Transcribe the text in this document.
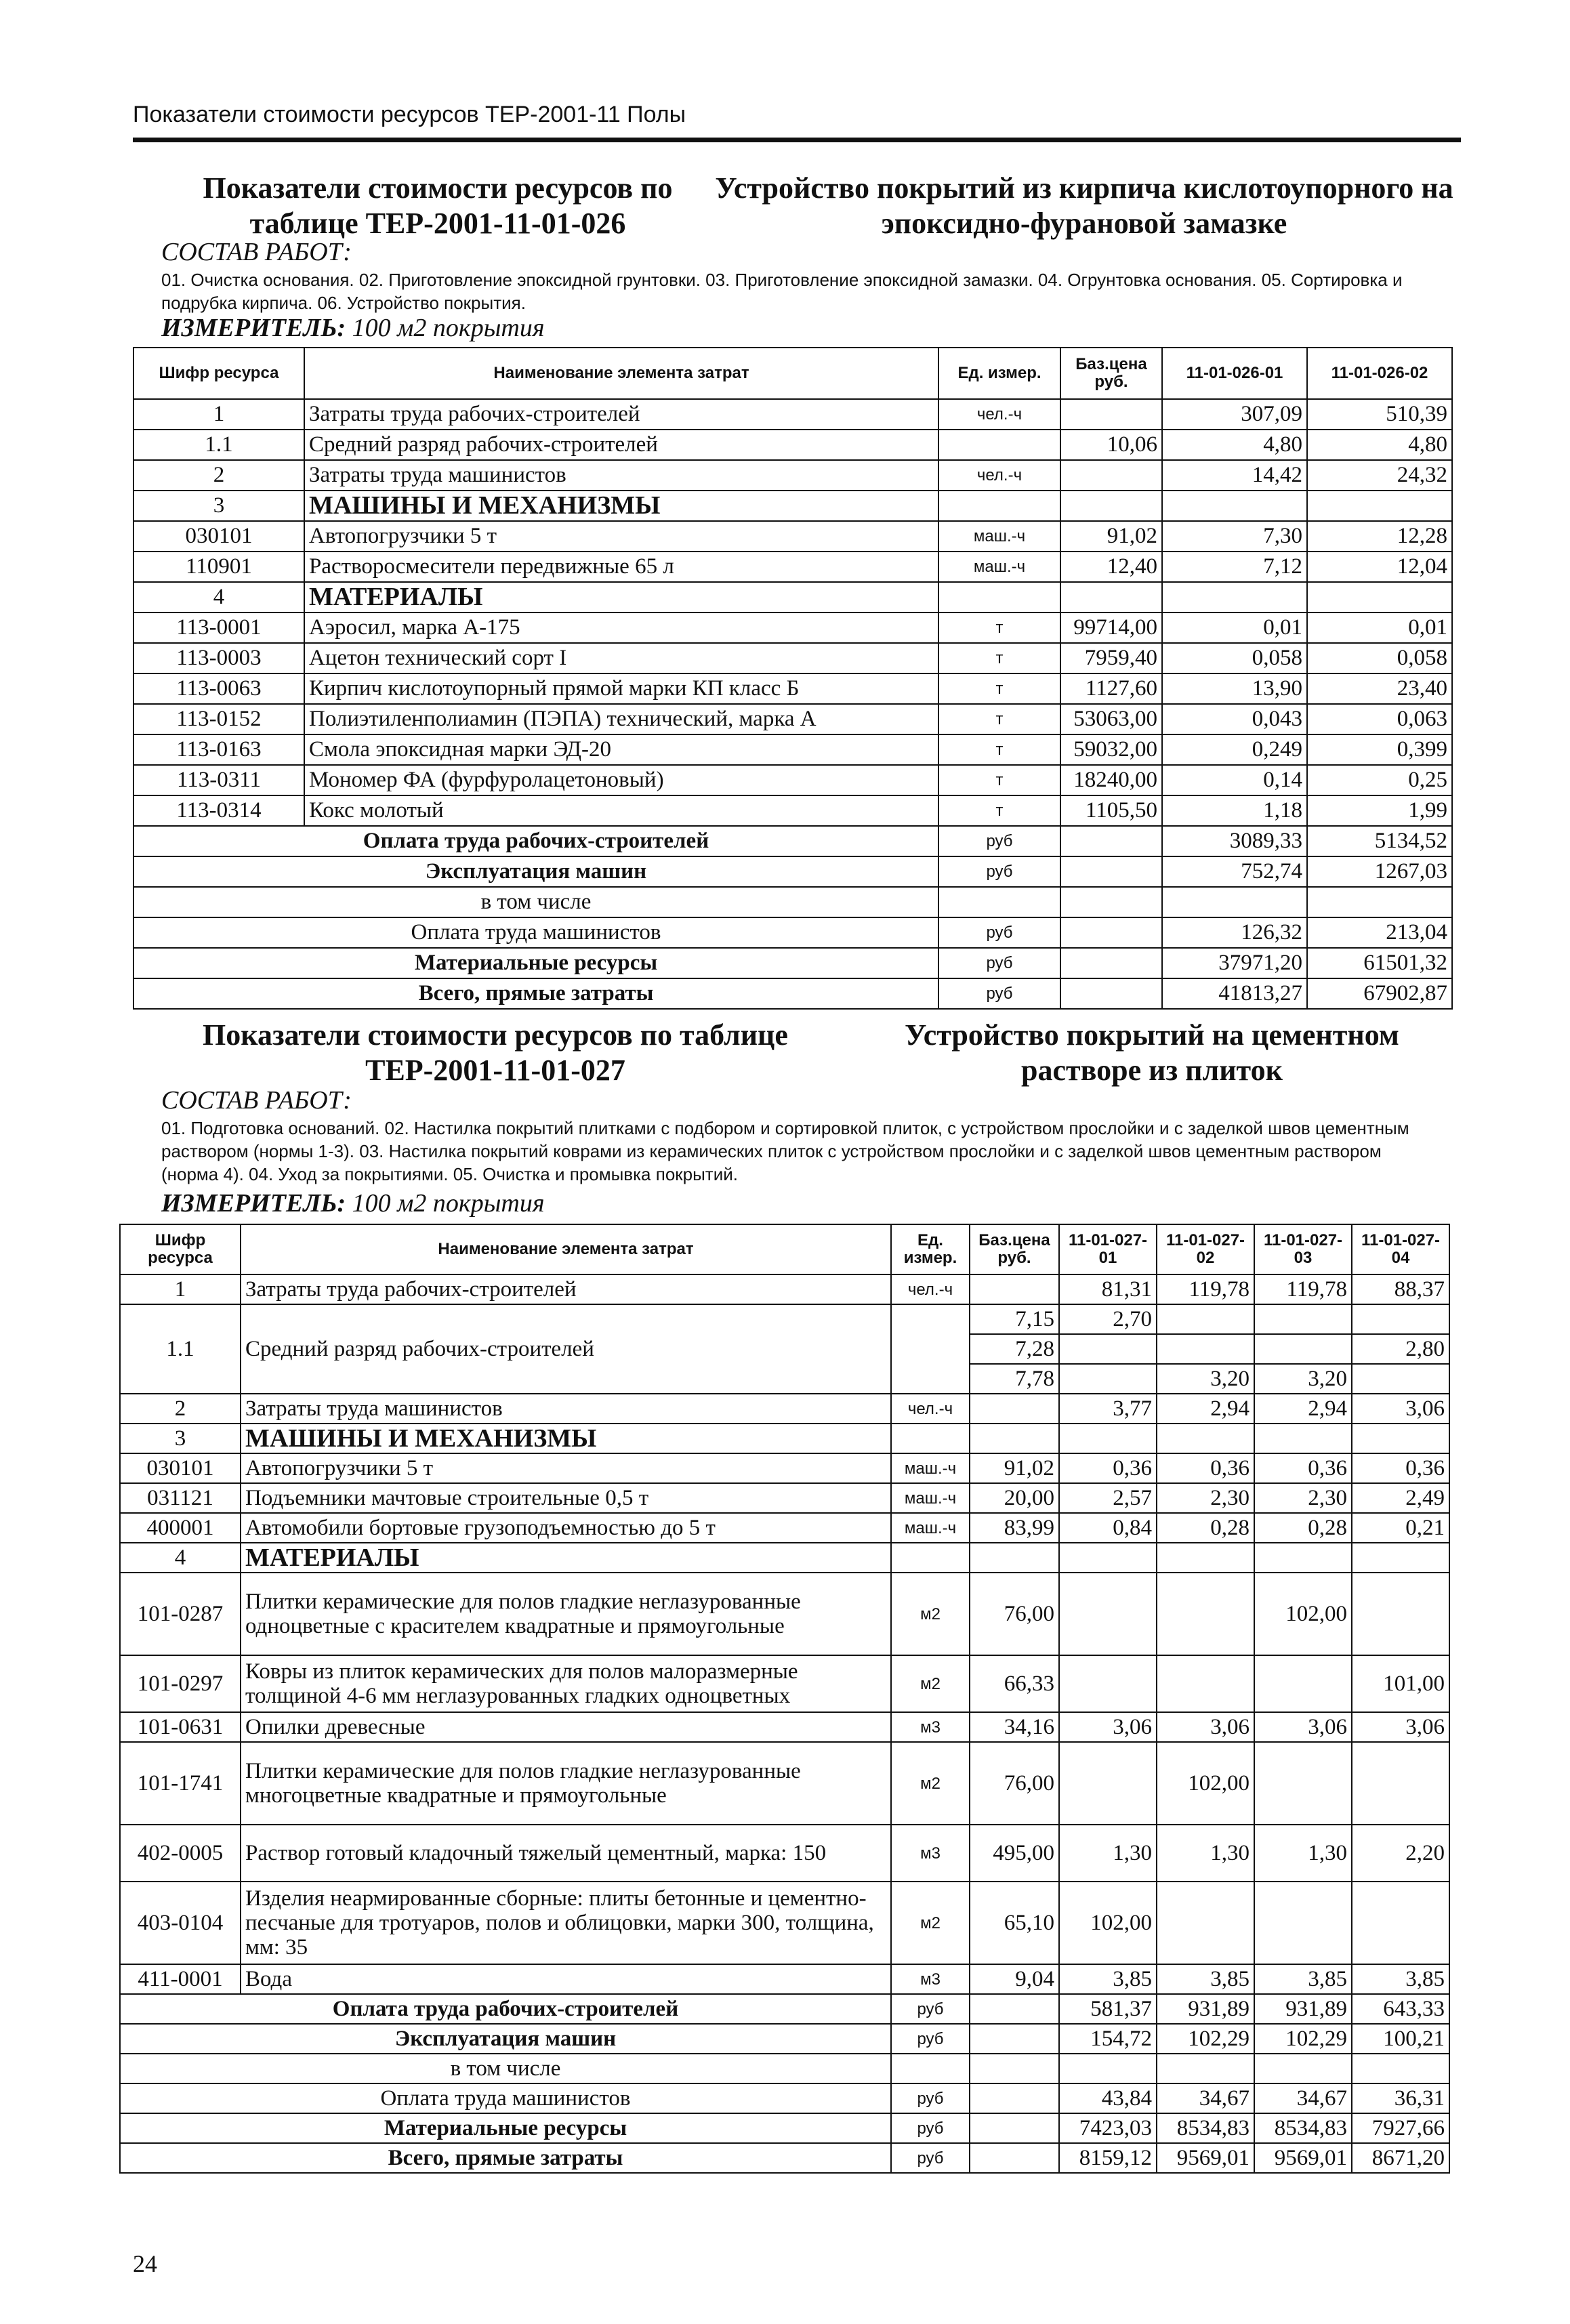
Показатели стоимости ресурсов ТЕР-2001-11 Полы
Показатели стоимости ресурсов по таблице ТЕР-2001-11-01-026
Устройство покрытий из кирпича кислотоупорного на эпоксидно-фурановой замазке
СОСТАВ РАБОТ:
01. Очистка основания. 02. Приготовление эпоксидной грунтовки. 03. Приготовление эпоксидной замазки. 04. Огрунтовка основания. 05. Сортировка и подрубка кирпича. 06. Устройство покрытия.
ИЗМЕРИТЕЛЬ: 100 м2 покрытия
Шифр ресурса	Наименование элемента затрат	Ед. измер.	Баз.цена руб.	11-01-026-01	11-01-026-02
1	Затраты труда рабочих-строителей	чел.-ч		307,09	510,39
1.1	Средний разряд рабочих-строителей		10,06	4,80	4,80
2	Затраты труда машинистов	чел.-ч		14,42	24,32
3	МАШИНЫ И МЕХАНИЗМЫ				
030101	Автопогрузчики 5 т	маш.-ч	91,02	7,30	12,28
110901	Растворосмесители передвижные 65 л	маш.-ч	12,40	7,12	12,04
4	МАТЕРИАЛЫ				
113-0001	Аэросил, марка А-175	т	99714,00	0,01	0,01
113-0003	Ацетон технический сорт I	т	7959,40	0,058	0,058
113-0063	Кирпич кислотоупорный прямой марки КП класс Б	т	1127,60	13,90	23,40
113-0152	Полиэтиленполиамин (ПЭПА) технический, марка А	т	53063,00	0,043	0,063
113-0163	Смола эпоксидная марки ЭД-20	т	59032,00	0,249	0,399
113-0311	Мономер ФА (фурфуролацетоновый)	т	18240,00	0,14	0,25
113-0314	Кокс молотый	т	1105,50	1,18	1,99
Оплата труда рабочих-строителей		руб		3089,33	5134,52
Эксплуатация машин		руб		752,74	1267,03
в том числе					
Оплата труда машинистов		руб		126,32	213,04
Материальные ресурсы		руб		37971,20	61501,32
Всего, прямые затраты		руб		41813,27	67902,87
Показатели стоимости ресурсов по таблице ТЕР-2001-11-01-027
Устройство покрытий на цементном растворе из плиток
СОСТАВ РАБОТ:
01. Подготовка оснований. 02. Настилка покрытий плитками с подбором и сортировкой плиток, с устройством прослойки и с заделкой швов цементным раствором (нормы 1-3). 03. Настилка покрытий коврами из керамических плиток с устройством прослойки и с заделкой швов цементным раствором (норма 4). 04. Уход за покрытиями. 05. Очистка и промывка покрытий.
ИЗМЕРИТЕЛЬ: 100 м2 покрытия
Шифр ресурса	Наименование элемента затрат	Ед. измер.	Баз.цена руб.	11-01-027-01	11-01-027-02	11-01-027-03	11-01-027-04
1	Затраты труда рабочих-строителей	чел.-ч		81,31	119,78	119,78	88,37
1.1	Средний разряд рабочих-строителей		7,15	2,70			
			7,28				2,80
			7,78		3,20	3,20	
2	Затраты труда машинистов	чел.-ч		3,77	2,94	2,94	3,06
3	МАШИНЫ И МЕХАНИЗМЫ						
030101	Автопогрузчики 5 т	маш.-ч	91,02	0,36	0,36	0,36	0,36
031121	Подъемники мачтовые строительные 0,5 т	маш.-ч	20,00	2,57	2,30	2,30	2,49
400001	Автомобили бортовые грузоподъемностью до 5 т	маш.-ч	83,99	0,84	0,28	0,28	0,21
4	МАТЕРИАЛЫ						
101-0287	Плитки керамические для полов гладкие неглазурованные одноцветные с красителем квадратные и прямоугольные	м2	76,00			102,00	
101-0297	Ковры из плиток керамических для полов малоразмерные толщиной 4-6 мм неглазурованных гладких одноцветных	м2	66,33				101,00
101-0631	Опилки древесные	м3	34,16	3,06	3,06	3,06	3,06
101-1741	Плитки керамические для полов гладкие неглазурованные многоцветные квадратные и прямоугольные	м2	76,00		102,00		
402-0005	Раствор готовый кладочный тяжелый цементный, марка: 150	м3	495,00	1,30	1,30	1,30	2,20
403-0104	Изделия неармированные сборные: плиты бетонные и цементно-песчаные для тротуаров, полов и облицовки, марки 300, толщина, мм: 35	м2	65,10	102,00			
411-0001	Вода	м3	9,04	3,85	3,85	3,85	3,85
Оплата труда рабочих-строителей		руб		581,37	931,89	931,89	643,33
Эксплуатация машин		руб		154,72	102,29	102,29	100,21
в том числе							
Оплата труда машинистов		руб		43,84	34,67	34,67	36,31
Материальные ресурсы		руб		7423,03	8534,83	8534,83	7927,66
Всего, прямые затраты		руб		8159,12	9569,01	9569,01	8671,20
24
